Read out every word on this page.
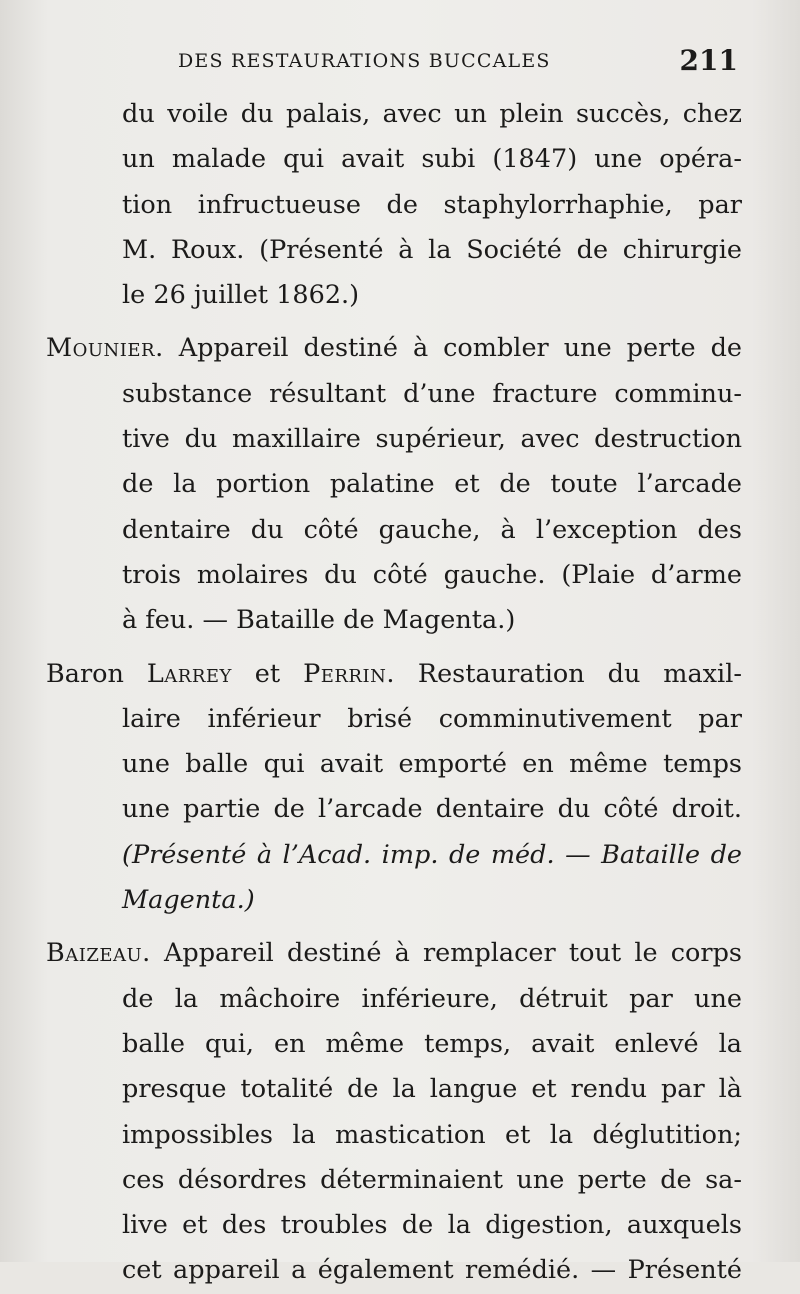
DES RESTAURATIONS BUCCALES	211
du voile du palais, avec un plein succès, chez
un malade qui avait subi (1847) une opéra-
tion infructueuse de staphylorrhaphie, par
M. Roux. (Présenté à la Société de chirurgie
le 26 juillet 1862.)
Mounier. Appareil destiné à combler une perte de
substance résultant d’une fracture comminu-
tive du maxillaire supérieur, avec destruction
de la portion palatine et de toute l’arcade
dentaire du côté gauche, à l’exception des
trois molaires du côté gauche. (Plaie d’arme
à feu. — Bataille de Magenta.)
Baron Larrey et Perrin. Restauration du maxil-
laire inférieur brisé comminutivement par
une balle qui avait emporté en même temps
une partie de l’arcade dentaire du côté droit.
(Présenté à l’Acad. imp. de méd. — Bataille de
Magenta.)
Baizeau. Appareil destiné à remplacer tout le corps
de la mâchoire inférieure, détruit par une
balle qui, en même temps, avait enlevé la
presque totalité de la langue et rendu par là
impossibles la mastication et la déglutition;
ces désordres déterminaient une perte de sa-
live et des troubles de la digestion, auxquels
cet appareil a également remédié. — Présenté
